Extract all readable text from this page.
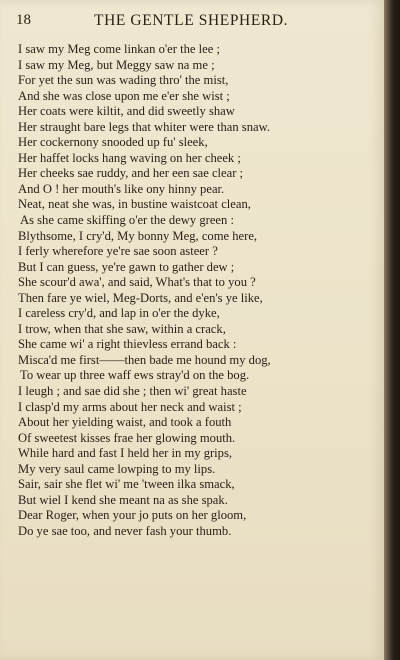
18	THE GENTLE SHEPHERD.
I saw my Meg come linkan o'er the lee ;
I saw my Meg, but Meggy saw na me ;
For yet the sun was wading thro' the mist,
And she was close upon me e'er she wist ;
Her coats were kiltit, and did sweetly shaw
Her straught bare legs that whiter were than snaw.
Her cockernony snooded up fu' sleek,
Her haffet locks hang waving on her cheek ;
Her cheeks sae ruddy, and her een sae clear ;
And O ! her mouth's like ony hinny pear.
Neat, neat she was, in bustine waistcoat clean,
As she came skiffing o'er the dewy green :
Blythsome, I cry'd, My bonny Meg, come here,
I ferly wherefore ye're sae soon asteer ?
But I can guess, ye're gawn to gather dew ;
She scour'd awa', and said, What's that to you ?
Then fare ye wiel, Meg-Dorts, and e'en's ye like,
I careless cry'd, and lap in o'er the dyke,
I trow, when that she saw, within a crack,
She came wi' a right thievless errand back :
Misca'd me first——then bade me hound my dog,
To wear up three waff ews stray'd on the bog.
I leugh ; and sae did she ; then wi' great haste
I clasp'd my arms about her neck and waist ;
About her yielding waist, and took a fouth
Of sweetest kisses frae her glowing mouth.
While hard and fast I held her in my grips,
My very saul came lowping to my lips.
Sair, sair she flet wi' me 'tween ilka smack,
But wiel I kend she meant na as she spak.
Dear Roger, when your jo puts on her gloom,
Do ye sae too, and never fash your thumb.
